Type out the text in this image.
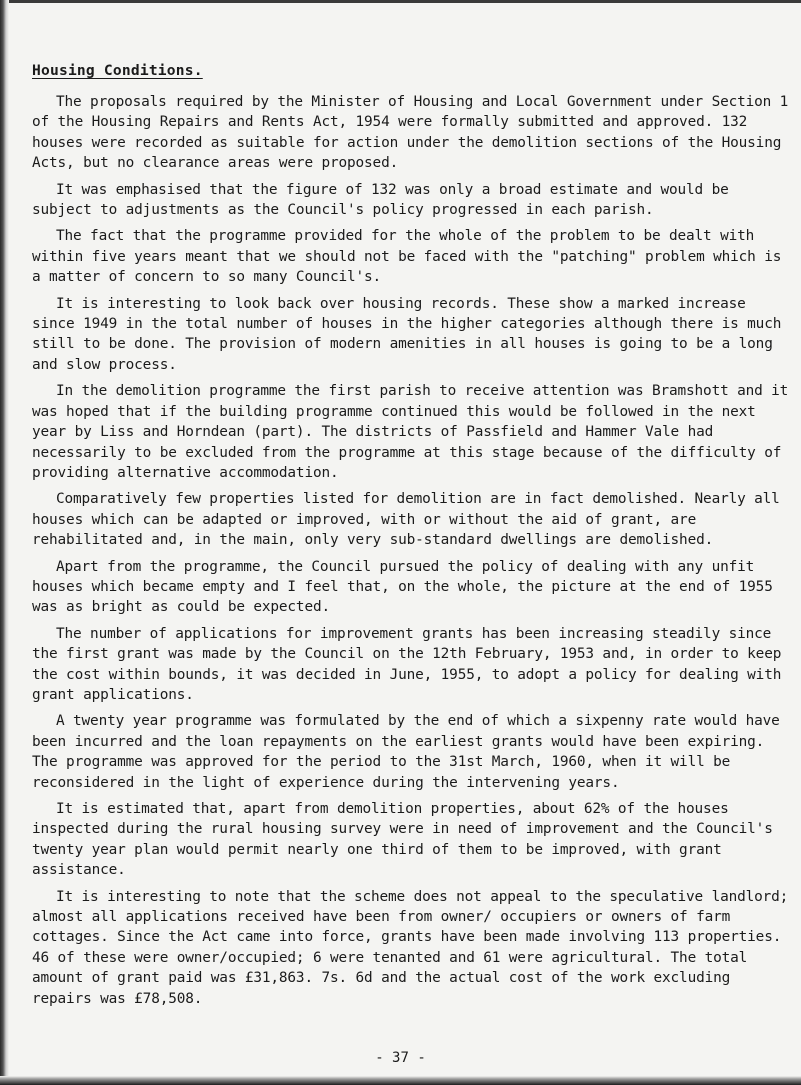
Housing Conditions.

The proposals required by the Minister of Housing and Local Government under Section 1 of the Housing Repairs and Rents Act, 1954 were formally submitted and approved. 132 houses were recorded as suitable for action under the demolition sections of the Housing Acts, but no clearance areas were proposed.

It was emphasised that the figure of 132 was only a broad estimate and would be subject to adjustments as the Council's policy progressed in each parish.

The fact that the programme provided for the whole of the problem to be dealt with within five years meant that we should not be faced with the "patching" problem which is a matter of concern to so many Council's.

It is interesting to look back over housing records. These show a marked increase since 1949 in the total number of houses in the higher categories although there is much still to be done. The provision of modern amenities in all houses is going to be a long and slow process.

In the demolition programme the first parish to receive attention was Bramshott and it was hoped that if the building programme continued this would be followed in the next year by Liss and Horndean (part). The districts of Passfield and Hammer Vale had necessarily to be excluded from the programme at this stage because of the difficulty of providing alternative accommodation.

Comparatively few properties listed for demolition are in fact demolished. Nearly all houses which can be adapted or improved, with or without the aid of grant, are rehabilitated and, in the main, only very sub-standard dwellings are demolished.

Apart from the programme, the Council pursued the policy of dealing with any unfit houses which became empty and I feel that, on the whole, the picture at the end of 1955 was as bright as could be expected.

The number of applications for improvement grants has been increasing steadily since the first grant was made by the Council on the 12th February, 1953 and, in order to keep the cost within bounds, it was decided in June, 1955, to adopt a policy for dealing with grant applications.

A twenty year programme was formulated by the end of which a sixpenny rate would have been incurred and the loan repayments on the earliest grants would have been expiring. The programme was approved for the period to the 31st March, 1960, when it will be reconsidered in the light of experience during the intervening years.

It is estimated that, apart from demolition properties, about 62% of the houses inspected during the rural housing survey were in need of improvement and the Council's twenty year plan would permit nearly one third of them to be improved, with grant assistance.

It is interesting to note that the scheme does not appeal to the speculative landlord; almost all applications received have been from owner/ occupiers or owners of farm cottages. Since the Act came into force, grants have been made involving 113 properties. 46 of these were owner/occupied; 6 were tenanted and 61 were agricultural. The total amount of grant paid was £31,863. 7s. 6d and the actual cost of the work excluding repairs was £78,508.

- 37 -
